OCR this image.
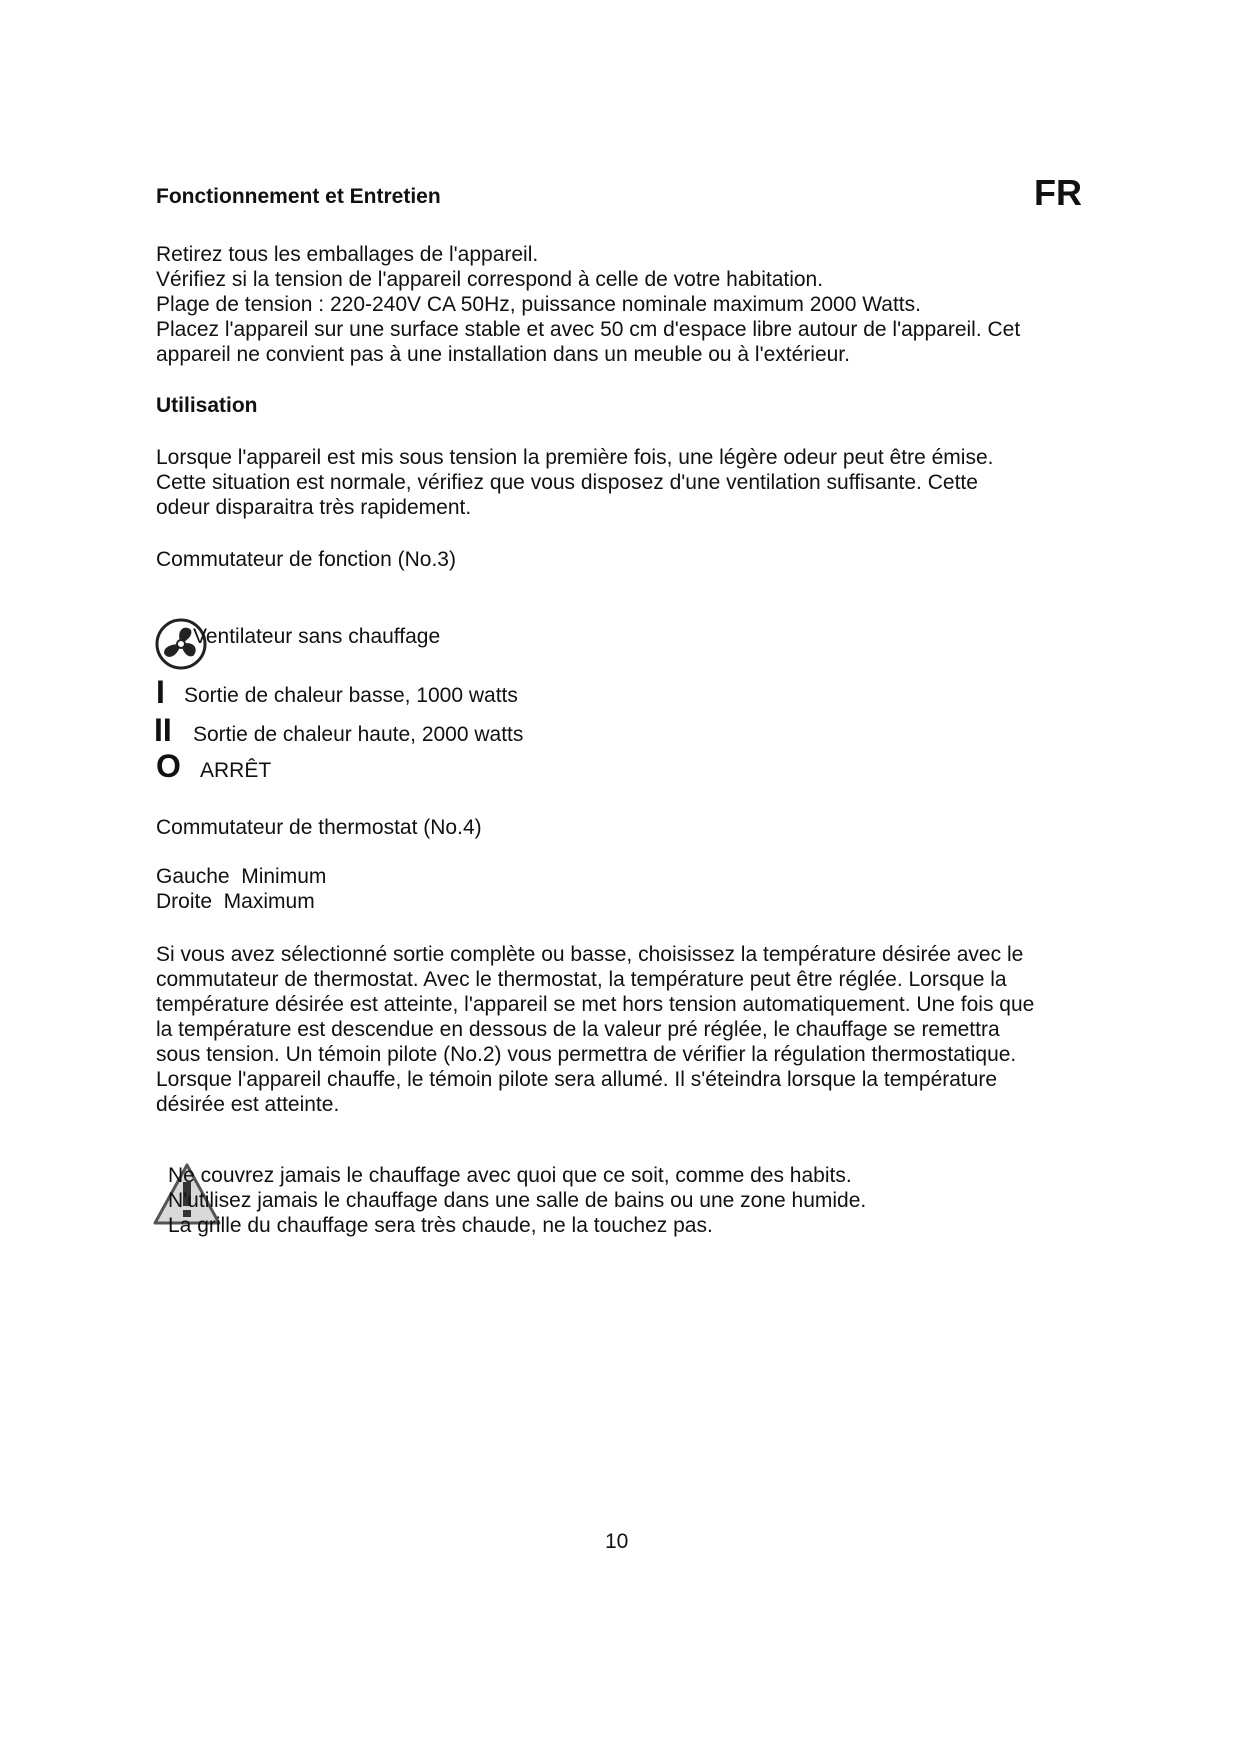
Fonctionnement et Entretien	FR
Retirez tous les emballages de l'appareil.
Vérifiez si la tension de l'appareil correspond à celle de votre habitation.
Plage de tension : 220-240V CA 50Hz, puissance nominale maximum 2000 Watts.
Placez l'appareil sur une surface stable et avec 50 cm d'espace libre autour de l'appareil. Cet
appareil ne convient pas à une installation dans un meuble ou à l'extérieur.
Utilisation
Lorsque l'appareil est mis sous tension la première fois, une légère odeur peut être émise.
Cette situation est normale, vérifiez que vous disposez d'une ventilation suffisante. Cette
odeur disparaitra très rapidement.
Commutateur de fonction (No.3)
Ventilateur sans chauffage
I Sortie de chaleur basse, 1000 watts
II Sortie de chaleur haute, 2000 watts
O ARRÊT
Commutateur de thermostat (No.4)
Gauche  Minimum
Droite  Maximum
Si vous avez sélectionné sortie complète ou basse, choisissez la température désirée avec le
commutateur de thermostat. Avec le thermostat, la température peut être réglée. Lorsque la
température désirée est atteinte, l'appareil se met hors tension automatiquement. Une fois que
la température est descendue en dessous de la valeur pré réglée, le chauffage se remettra
sous tension. Un témoin pilote (No.2) vous permettra de vérifier la régulation thermostatique.
Lorsque l'appareil chauffe, le témoin pilote sera allumé. Il s'éteindra lorsque la température
désirée est atteinte.
Ne couvrez jamais le chauffage avec quoi que ce soit, comme des habits.
N'utilisez jamais le chauffage dans une salle de bains ou une zone humide.
La grille du chauffage sera très chaude, ne la touchez pas.
10
